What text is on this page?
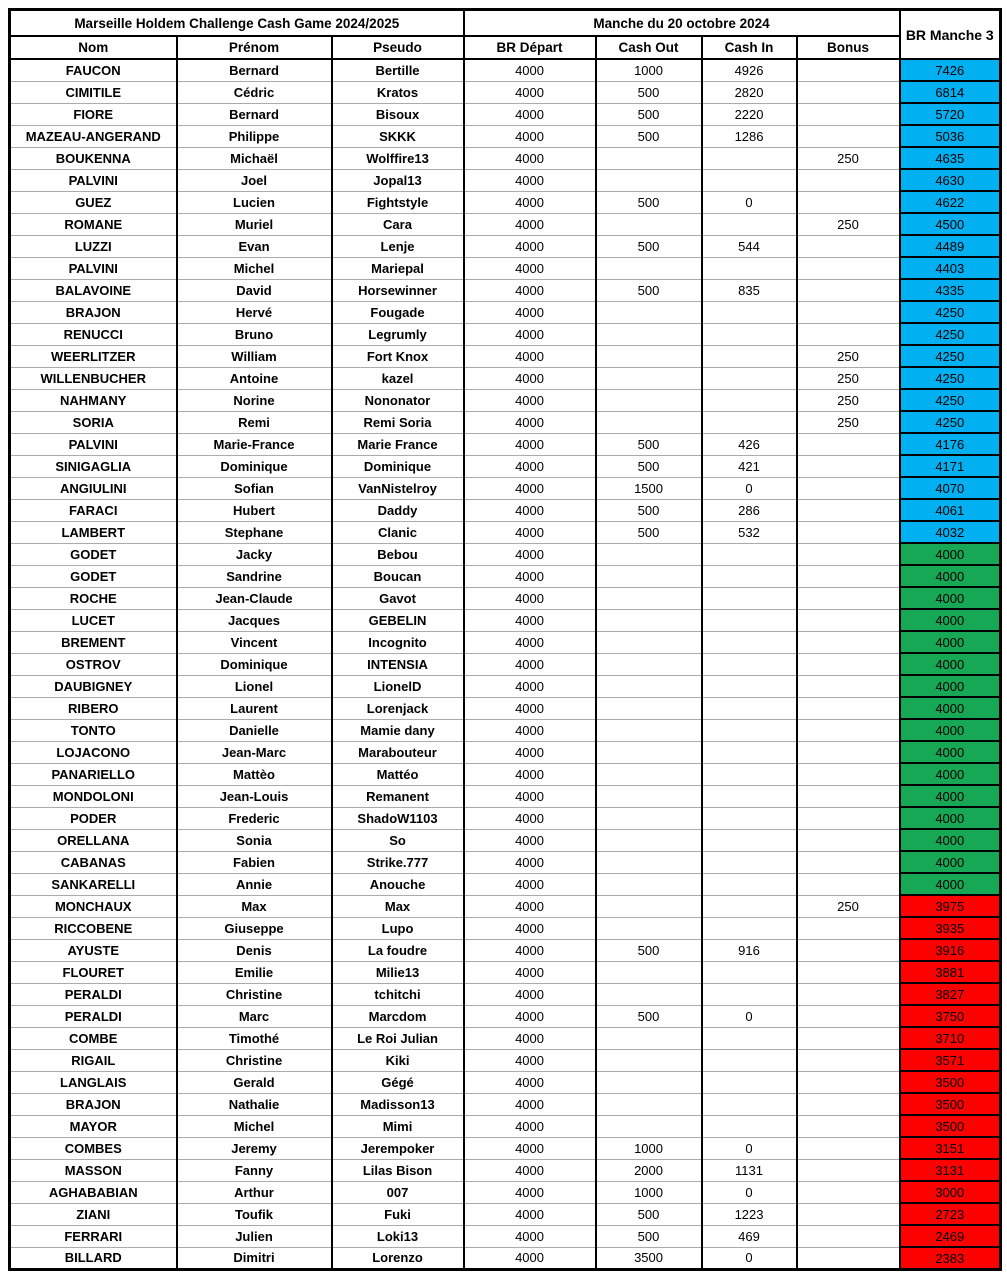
Marseille Holdem Challenge Cash Game 2024/2025			Manche du 20 octobre 2024				BR Manche 3
Nom	Prénom	Pseudo	BR Départ	Cash Out	Cash In	Bonus	
FAUCON	Bernard	Bertille	4000	1000	4926		7426
CIMITILE	Cédric	Kratos	4000	500	2820		6814
FIORE	Bernard	Bisoux	4000	500	2220		5720
MAZEAU-ANGERAND	Philippe	SKKK	4000	500	1286		5036
BOUKENNA	Michaël	Wolffire13	4000			250	4635
PALVINI	Joel	Jopal13	4000				4630
GUEZ	Lucien	Fightstyle	4000	500	0		4622
ROMANE	Muriel	Cara	4000			250	4500
LUZZI	Evan	Lenje	4000	500	544		4489
PALVINI	Michel	Mariepal	4000				4403
BALAVOINE	David	Horsewinner	4000	500	835		4335
BRAJON	Hervé	Fougade	4000				4250
RENUCCI	Bruno	Legrumly	4000				4250
WEERLITZER	William	Fort Knox	4000			250	4250
WILLENBUCHER	Antoine	kazel	4000			250	4250
NAHMANY	Norine	Nononator	4000			250	4250
SORIA	Remi	Remi Soria	4000			250	4250
PALVINI	Marie-France	Marie France	4000	500	426		4176
SINIGAGLIA	Dominique	Dominique	4000	500	421		4171
ANGIULINI	Sofian	VanNistelroy	4000	1500	0		4070
FARACI	Hubert	Daddy	4000	500	286		4061
LAMBERT	Stephane	Clanic	4000	500	532		4032
GODET	Jacky	Bebou	4000				4000
GODET	Sandrine	Boucan	4000				4000
ROCHE	Jean-Claude	Gavot	4000				4000
LUCET	Jacques	GEBELIN	4000				4000
BREMENT	Vincent	Incognito	4000				4000
OSTROV	Dominique	INTENSIA	4000				4000
DAUBIGNEY	Lionel	LionelD	4000				4000
RIBERO	Laurent	Lorenjack	4000				4000
TONTO	Danielle	Mamie dany	4000				4000
LOJACONO	Jean-Marc	Marabouteur	4000				4000
PANARIELLO	Mattèo	Mattéo	4000				4000
MONDOLONI	Jean-Louis	Remanent	4000				4000
PODER	Frederic	ShadoW1103	4000				4000
ORELLANA	Sonia	So	4000				4000
CABANAS	Fabien	Strike.777	4000				4000
SANKARELLI	Annie	Anouche	4000				4000
MONCHAUX	Max	Max	4000			250	3975
RICCOBENE	Giuseppe	Lupo	4000				3935
AYUSTE	Denis	La foudre	4000	500	916		3916
FLOURET	Emilie	Milie13	4000				3881
PERALDI	Christine	tchitchi	4000				3827
PERALDI	Marc	Marcdom	4000	500	0		3750
COMBE	Timothé	Le Roi Julian	4000				3710
RIGAIL	Christine	Kiki	4000				3571
LANGLAIS	Gerald	Gégé	4000				3500
BRAJON	Nathalie	Madisson13	4000				3500
MAYOR	Michel	Mimi	4000				3500
COMBES	Jeremy	Jerempoker	4000	1000	0		3151
MASSON	Fanny	Lilas Bison	4000	2000	1131		3131
AGHABABIAN	Arthur	007	4000	1000	0		3000
ZIANI	Toufik	Fuki	4000	500	1223		2723
FERRARI	Julien	Loki13	4000	500	469		2469
BILLARD	Dimitri	Lorenzo	4000	3500	0		2383
